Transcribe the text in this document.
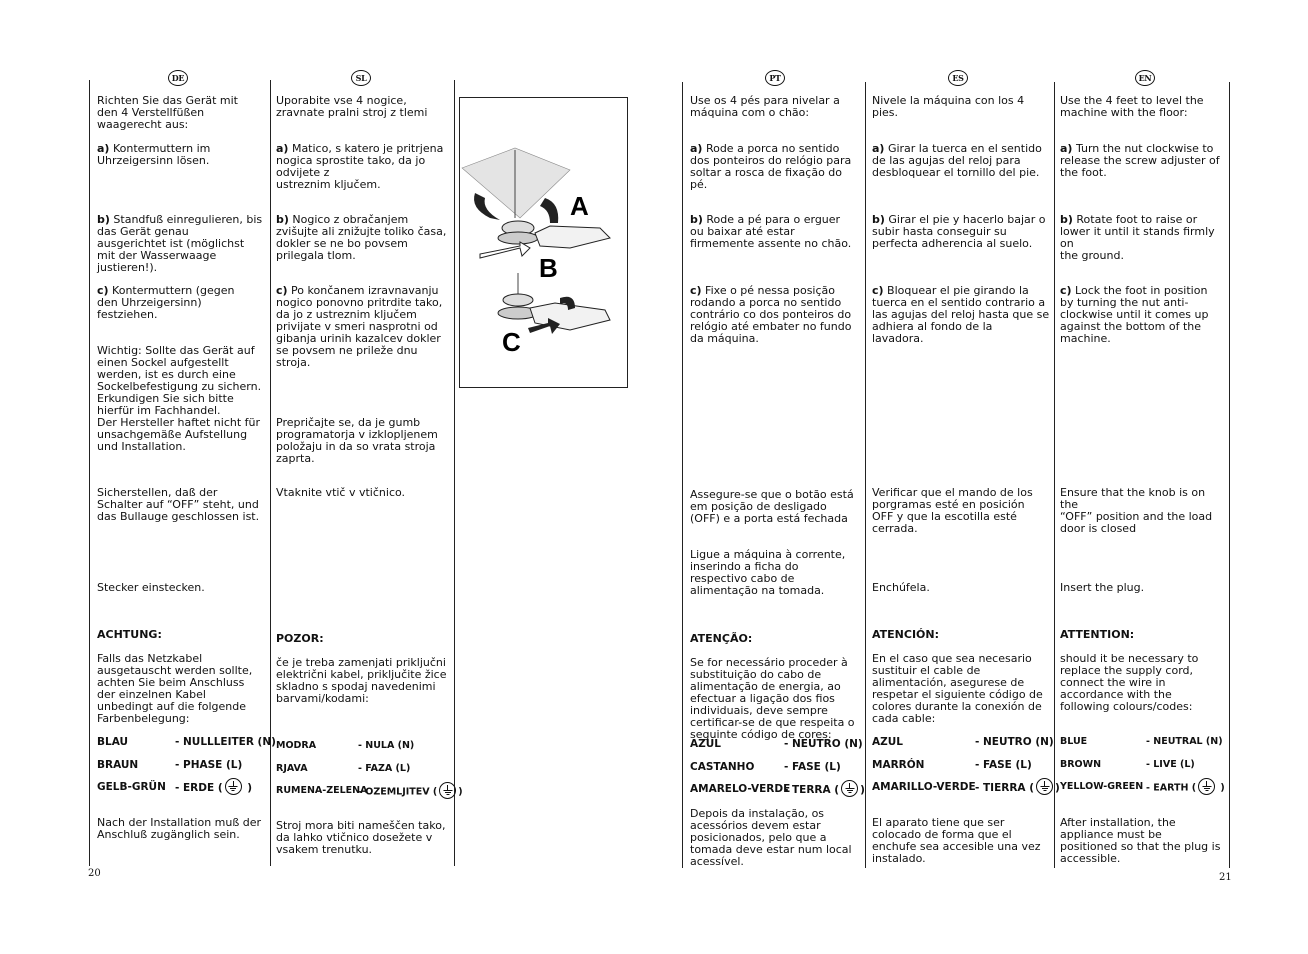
DE	SL	PT	ES	EN
20	21
A
B
C
Richten Sie das Gerät mit
den 4 Verstellfüßen
waagerecht aus:
a) Kontermuttern im
Uhrzeigersinn lösen.
b) Standfuß einregulieren, bis
das Gerät genau
ausgerichtet ist (möglichst
mit der Wasserwaage
justieren!).
c) Kontermuttern (gegen
den Uhrzeigersinn) festziehen.
Wichtig: Sollte das Gerät auf
einen Sockel aufgestellt
werden, ist es durch eine
Sockelbefestigung zu sichern.
Erkundigen Sie sich bitte
hierfür im Fachhandel.
Der Hersteller haftet nicht für
unsachgemäße Aufstellung
und Installation.
Sicherstellen, daß der
Schalter auf “OFF” steht, und
das Bullauge geschlossen ist.
Stecker einstecken.

ACHTUNG:

Falls das Netzkabel
ausgetauscht werden sollte,
achten Sie beim Anschluss
der einzelnen Kabel
unbedingt auf die folgende
Farbenbelegung:

BLAU	- NULLLEITER (N)
BRAUN	- PHASE (L)
GELB-GRÜN - ERDE (
)
Nach der Installation muß der
Anschluß zugänglich sein.
Uporabite vse 4 nogice,
zravnate pralni stroj z tlemi
a) Matico, s katero je pritrjena
nogica sprostite tako, da jo
odvijete z
ustreznim ključem.
b) Nogico z obračanjem
zvišujte ali znižujte toliko časa,
dokler se ne bo povsem
prilegala tlom.
c) Po končanem izravnavanju
nogico ponovno pritrdite tako,
da jo z ustreznim ključem
privijate v smeri nasprotni od
gibanja urinih kazalcev dokler
se povsem ne prileže dnu
stroja.
Prepričajte se, da je gumb
programatorja v izklopljenem
položaju in da so vrata stroja
zaprta.
Vtaknite vtič v vtičnico.

POZOR:

če je treba zamenjati priključni
električni kabel, priključite žice
skladno s spodaj navedenimi
barvami/kodami:

MODRA	- NULA (N)
RJAVA	- FAZA (L)
RUMENA-ZELENA
- OZEMLJITEV ( )
Stroj mora biti nameščen tako,
da lahko vtičnico dosežete v
vsakem trenutku.
Use os 4 pés para nivelar a
máquina com o chão:
a) Rode a porca no sentido
dos ponteiros do relógio para
soltar a rosca de fixação do
pé.
b) Rode a pé para o erguer
ou baixar até estar
firmemente assente no chão.
c) Fixe o pé nessa posição
rodando a porca no sentido
contrário co dos ponteiros do
relógio até embater no fundo
da máquina.
Assegure-se que o botão está
em posição de desligado
(OFF) e a porta está fechada
Ligue a máquina à corrente,
inserindo a ficha do
respectivo cabo de
alimentação na tomada.

ATENÇÃO:

Se for necessário proceder à
substituição do cabo de
alimentação de energia, ao
efectuar a ligação dos fios
individuais, deve sempre
certificar-se de que respeita o
seguinte código de cores:

AZUL	- NEUTRO (N)
CASTANHO	- FASE (L)
AMARELO-VERDE
- TERRA ( )
Depois da instalação, os
acessórios devem estar
posicionados, pelo que a
tomada deve estar num local
acessível.
Nivele la máquina con los 4
pies.
a) Girar la tuerca en el sentido
de las agujas del reloj para
desbloquear el tornillo del pie.
b) Girar el pie y hacerlo bajar o
subir hasta conseguir su
perfecta adherencia al suelo.
c) Bloquear el pie girando la
tuerca en el sentido contrario a
las agujas del reloj hasta que se
adhiera al fondo de la
lavadora.
Verificar que el mando de los
porgramas esté en posición
OFF y que la escotilla esté
cerrada.
Enchúfela.

ATENCIÓN:

En el caso que sea necesario
sustituir el cable de
alimentación, asegurese de
respetar el siguiente código de
colores durante la conexión de
cada cable:

AZUL	- NEUTRO (N)
MARRÓN	- FASE (L)
AMARILLO-VERDE - TIERRA ( )
El aparato tiene que ser
colocado de forma que el
enchufe sea accesible una vez
instalado.
Use the 4 feet to level the
machine with the floor:
a) Turn the nut clockwise to
release the screw adjuster of
the foot.
b) Rotate foot to raise or
lower it until it stands firmly on
the ground.
c) Lock the foot in position
by turning the nut anti-
clockwise until it comes up
against the bottom of the
machine.
Ensure that the knob is on the
“OFF” position and the load
door is closed
Insert the plug.

ATTENTION:

should it be necessary to
replace the supply cord,
connect the wire in
accordance with the
following colours/codes:

BLUE	- NEUTRAL (N)
BROWN	- LIVE (L)
YELLOW-GREEN - EARTH (
)
After installation, the
appliance must be
positioned so that the plug is
accessible.
